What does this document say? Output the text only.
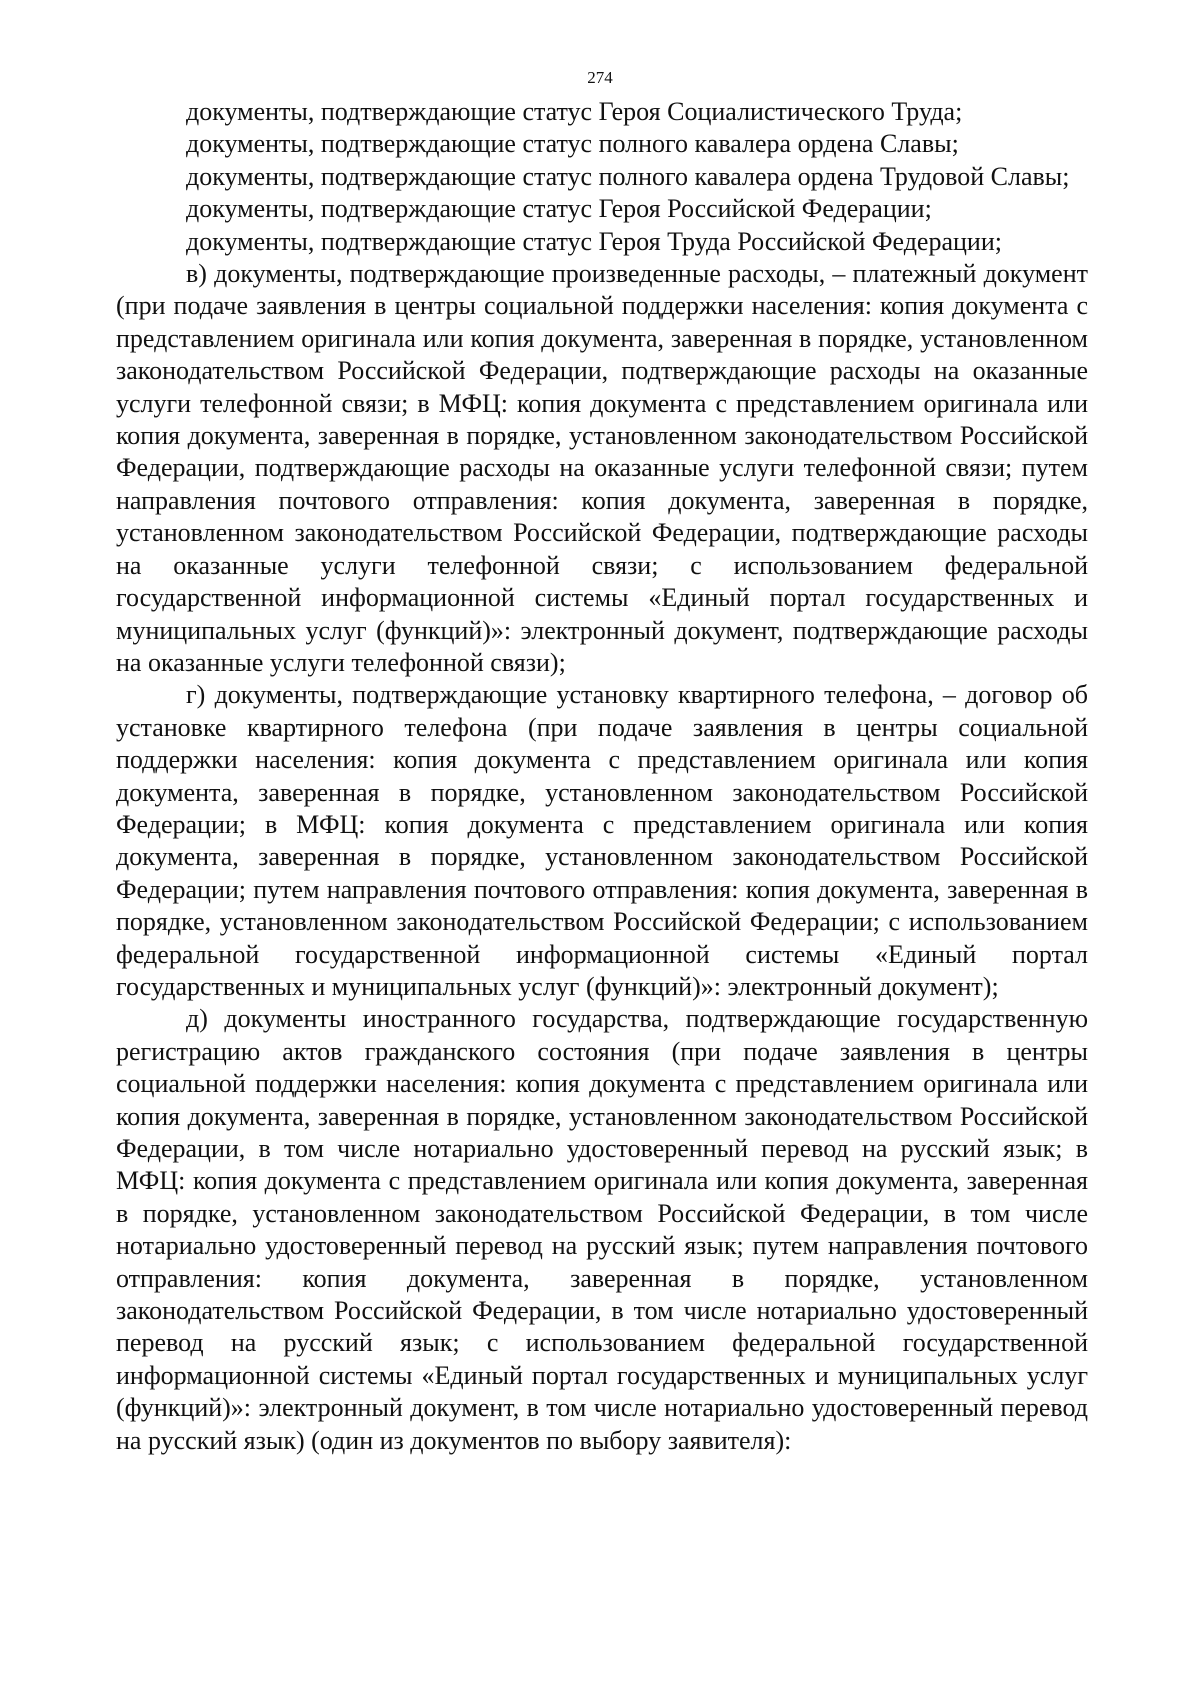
274

документы, подтверждающие статус Героя Социалистического Труда;

документы, подтверждающие статус полного кавалера ордена Славы;

документы, подтверждающие статус полного кавалера ордена Трудовой Славы;

документы, подтверждающие статус Героя Российской Федерации;

документы, подтверждающие статус Героя Труда Российской Федерации;

в) документы, подтверждающие произведенные расходы, – платежный документ (при подаче заявления в центры социальной поддержки населения: копия документа с представлением оригинала или копия документа, заверенная в порядке, установленном законодательством Российской Федерации, подтверждающие расходы на оказанные услуги телефонной связи; в МФЦ: копия документа с представлением оригинала или копия документа, заверенная в порядке, установленном законодательством Российской Федерации, подтверждающие расходы на оказанные услуги телефонной связи; путем направления почтового отправления: копия документа, заверенная в порядке, установленном законодательством Российской Федерации, подтверждающие расходы на оказанные услуги телефонной связи; с использованием федеральной государственной информационной системы «Единый портал государственных и муниципальных услуг (функций)»: электронный документ, подтверждающие расходы на оказанные услуги телефонной связи);

г) документы, подтверждающие установку квартирного телефона, – договор об установке квартирного телефона (при подаче заявления в центры социальной поддержки населения: копия документа с представлением оригинала или копия документа, заверенная в порядке, установленном законодательством Российской Федерации; в МФЦ: копия документа с представлением оригинала или копия документа, заверенная в порядке, установленном законодательством Российской Федерации; путем направления почтового отправления: копия документа, заверенная в порядке, установленном законодательством Российской Федерации; с использованием федеральной государственной информационной системы «Единый портал государственных и муниципальных услуг (функций)»: электронный документ);

д) документы иностранного государства, подтверждающие государственную регистрацию актов гражданского состояния (при подаче заявления в центры социальной поддержки населения: копия документа с представлением оригинала или копия документа, заверенная в порядке, установленном законодательством Российской Федерации, в том числе нотариально удостоверенный перевод на русский язык; в МФЦ: копия документа с представлением оригинала или копия документа, заверенная в порядке, установленном законодательством Российской Федерации, в том числе нотариально удостоверенный перевод на русский язык; путем направления почтового отправления: копия документа, заверенная в порядке, установленном законодательством Российской Федерации, в том числе нотариально удостоверенный перевод на русский язык; с использованием федеральной государственной информационной системы «Единый портал государственных и муниципальных услуг (функций)»: электронный документ, в том числе нотариально удостоверенный перевод на русский язык) (один из документов по выбору заявителя):
